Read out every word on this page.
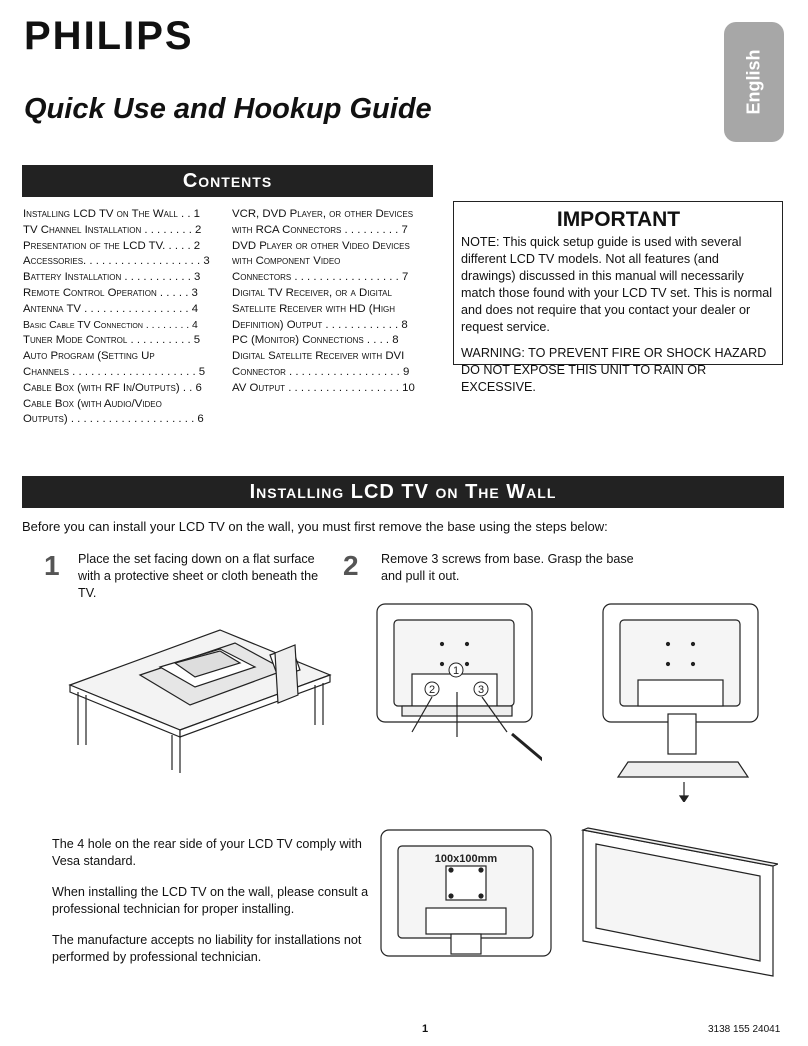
PHILIPS
Quick Use and Hookup Guide	English
Contents
Installing LCD TV on The Wall . . 1
TV Channel Installation . . . . . . . . 2
Presentation of the LCD TV. . . . . 2
Accessories. . . . . . . . . . . . . . . . . . . 3
Battery Installation . . . . . . . . . . . 3
Remote Control Operation . . . . . 3
Antenna TV . . . . . . . . . . . . . . . . . 4
Basic Cable TV Connection . . . . . . . . 4
Tuner Mode Control . . . . . . . . . . 5
Auto Program (Setting Up
Channels . . . . . . . . . . . . . . . . . . . . 5
Cable Box (with RF In/Outputs) . . 6
Cable Box (with Audio/Video
Outputs) . . . . . . . . . . . . . . . . . . . . 6
VCR, DVD Player, or other Devices
with RCA Connectors . . . . . . . . . 7
DVD Player or other Video Devices
with Component Video
Connectors . . . . . . . . . . . . . . . . . 7
Digital TV Receiver, or a Digital
Satellite Receiver with HD (High
Definition) Output . . . . . . . . . . . . 8
PC (Monitor) Connections . . . . 8
Digital Satellite Receiver with DVI
Connector . . . . . . . . . . . . . . . . . . 9
AV Output . . . . . . . . . . . . . . . . . . 10
IMPORTANT

NOTE: This quick setup guide is used with several different LCD TV models. Not all features (and drawings) discussed in this manual will necessarily match those found with your LCD TV set. This is normal and does not require that you contact your dealer or request service.

WARNING: TO PREVENT FIRE OR SHOCK HAZARD DO NOT EXPOSE THIS UNIT TO RAIN OR EXCESSIVE.

Installing LCD TV on The Wall
Before you can install your LCD TV on the wall, you must first remove the base using the steps below:
1 Place the set facing down on a flat surface with a protective sheet or cloth beneath the TV.
2 Remove 3 screws from base. Grasp the base and pull it out.
1
2	3

The 4 hole on the rear side of your LCD TV comply with Vesa standard.

When installing the LCD TV on the wall, please consult a professional technician for proper installing.

The manufacture accepts no liability for installations not performed by professional technician.

100x100mm
1	3138 155 24041
